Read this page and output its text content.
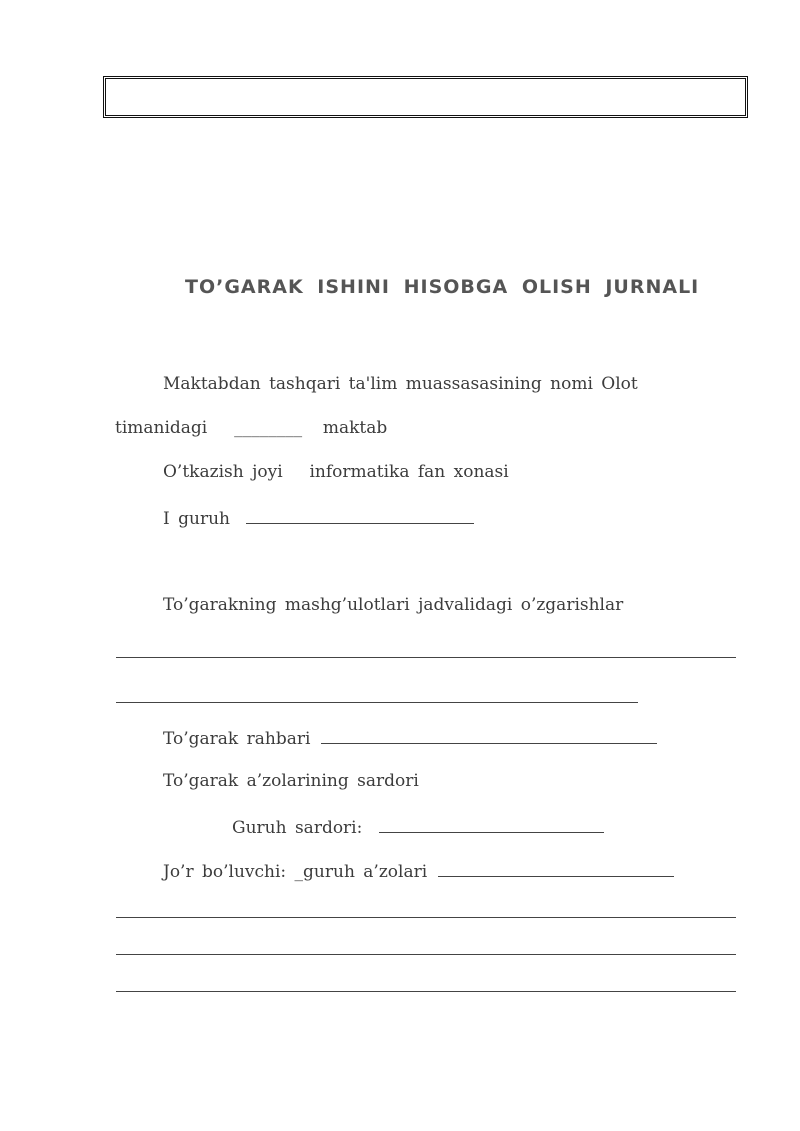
TO’GARAK ISHINI HISOBGA OLISH JURNALI
Maktabdan tashqari ta'lim muassasasining nomi Olot
timanidagi ________ maktab
O’tkazish joyi informatika fan xonasi
I guruh
To’garakning mashg’ulotlari jadvalidagi o’zgarishlar
To’garak rahbari
To’garak a’zolarining sardori
Guruh sardori:
Jo’r bo’luvchi: _guruh a’zolari
